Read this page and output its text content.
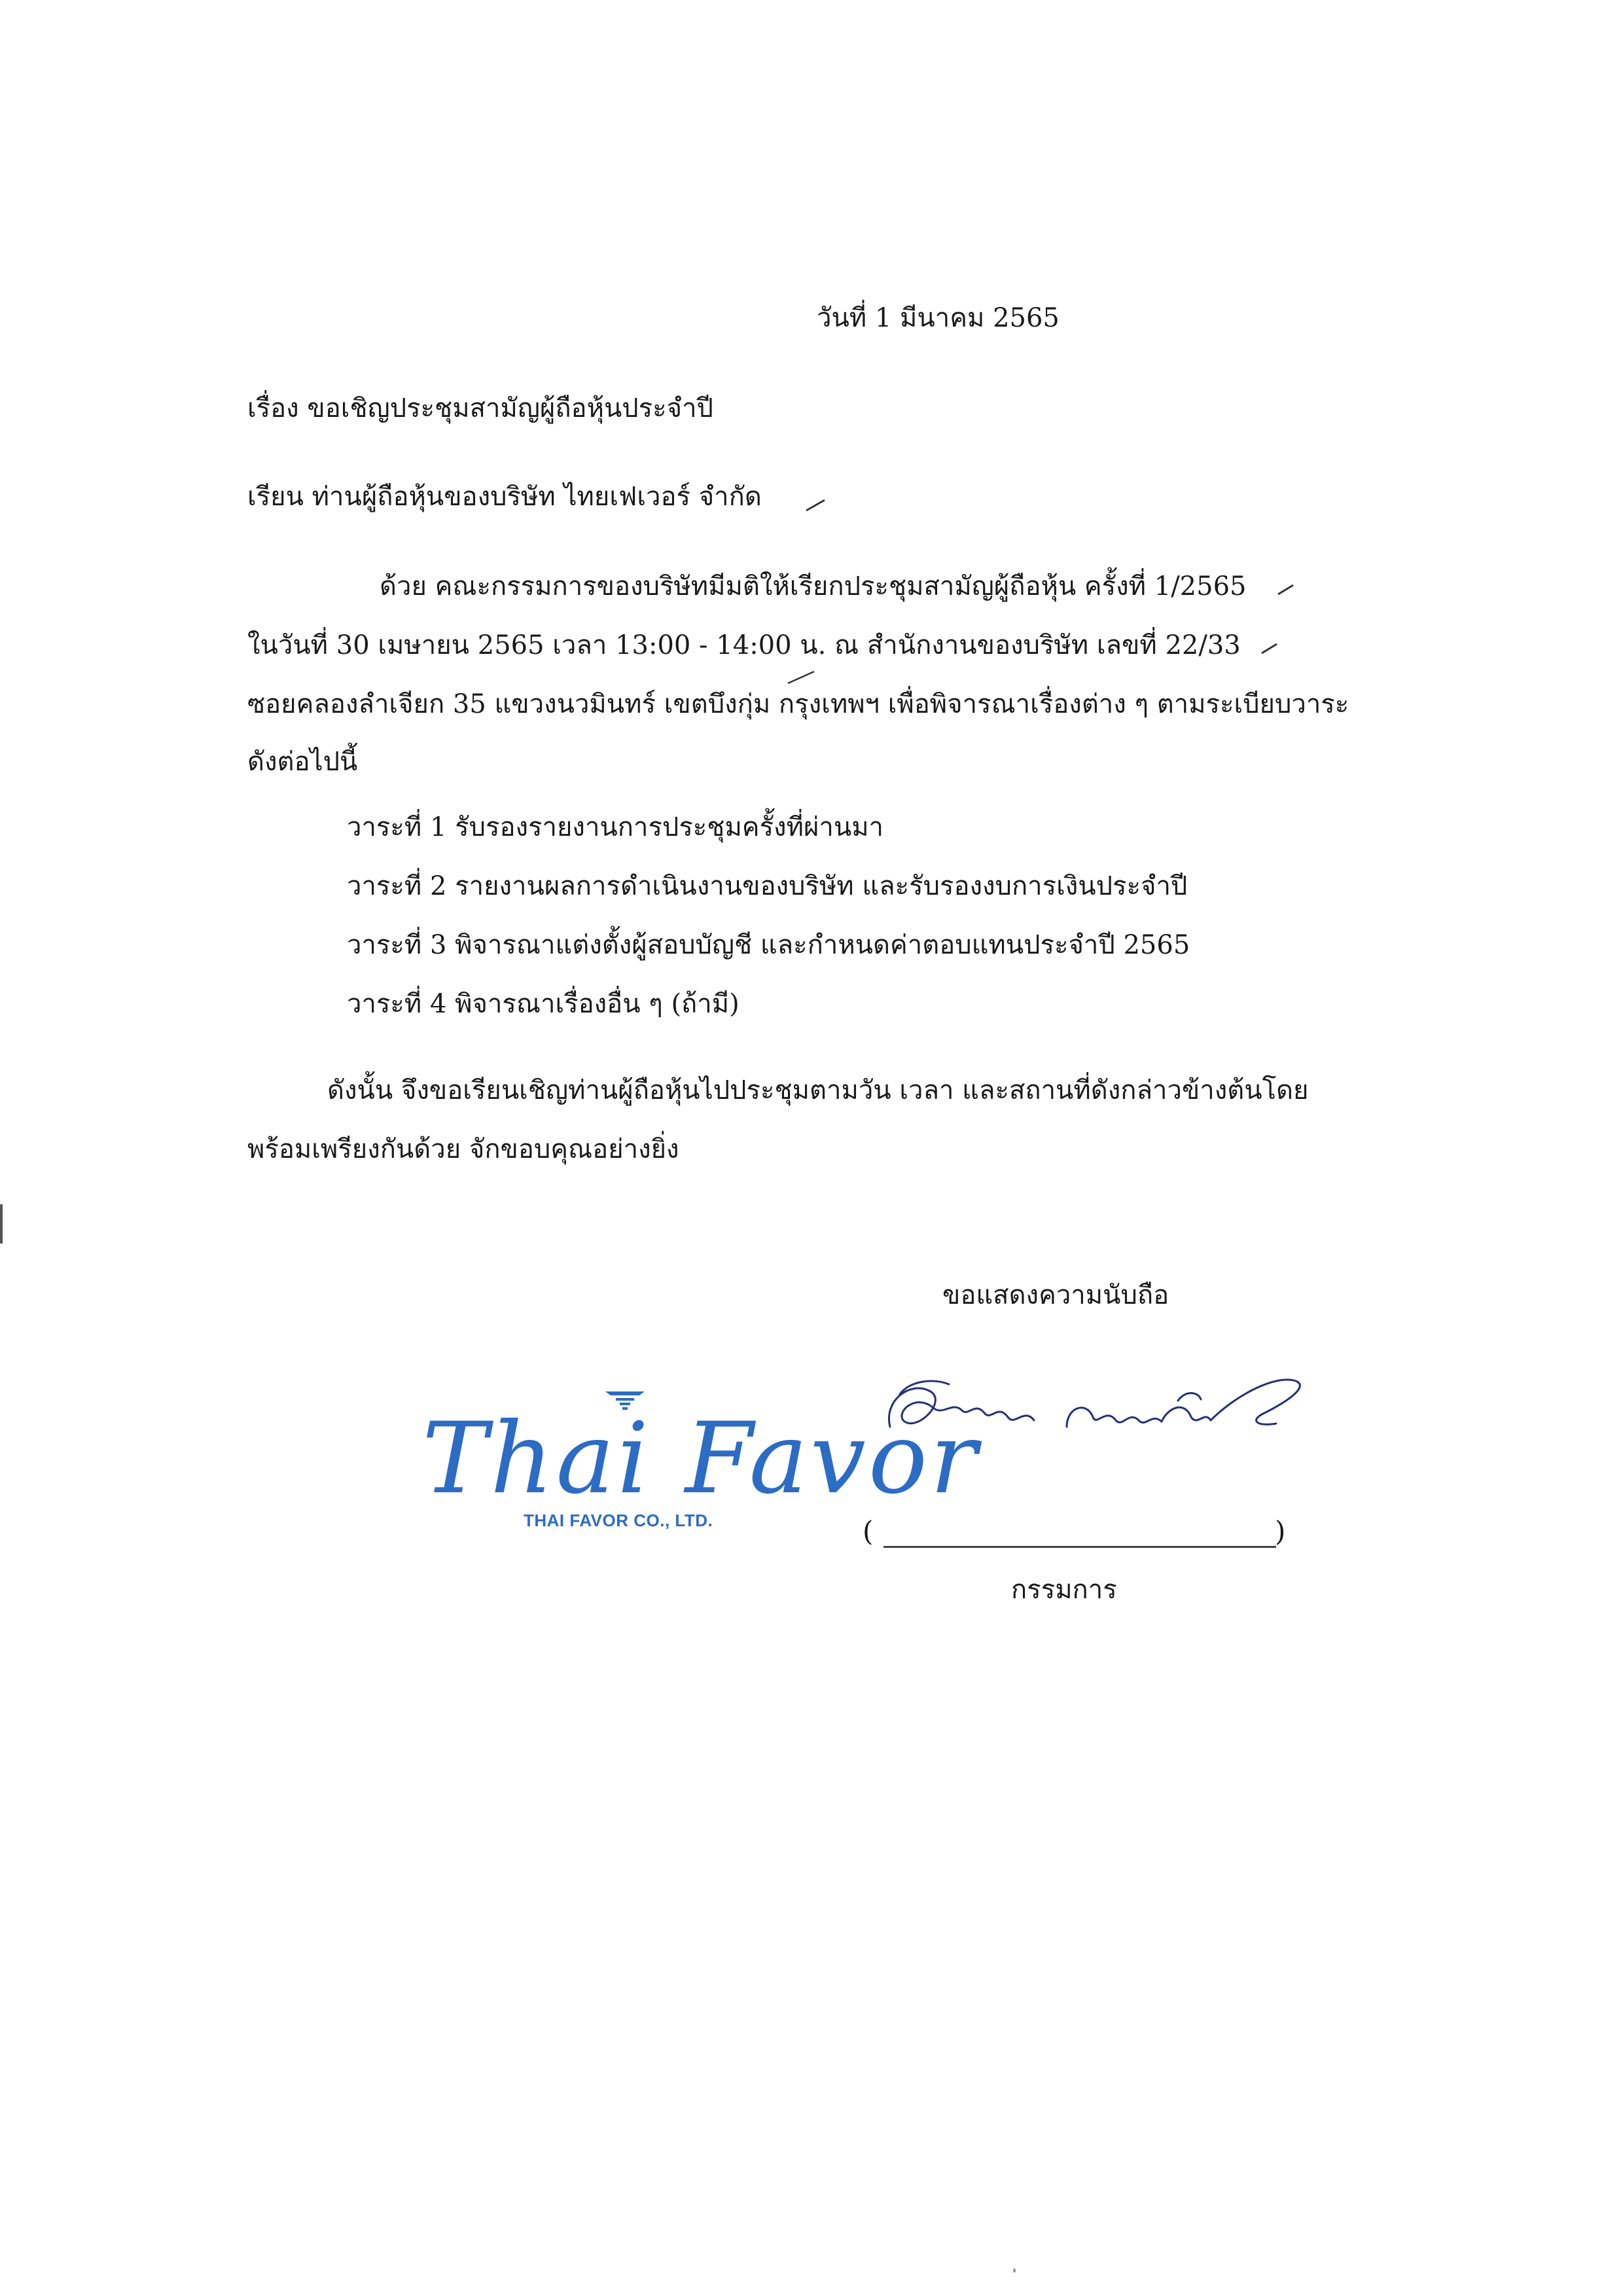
วันที่ 1 มีนาคม 2565
เรื่อง ขอเชิญประชุมสามัญผู้ถือหุ้นประจำปี
เรียน ท่านผู้ถือหุ้นของบริษัท ไทยเฟเวอร์ จำกัด
ด้วย คณะกรรมการของบริษัทมีมติให้เรียกประชุมสามัญผู้ถือหุ้น ครั้งที่ 1/2565
ในวันที่ 30 เมษายน 2565 เวลา 13:00 - 14:00 น. ณ สำนักงานของบริษัท เลขที่ 22/33
ซอยคลองลำเจียก 35 แขวงนวมินทร์ เขตบึงกุ่ม กรุงเทพฯ เพื่อพิจารณาเรื่องต่าง ๆ ตามระเบียบวาระ
ดังต่อไปนี้
วาระที่ 1 รับรองรายงานการประชุมครั้งที่ผ่านมา
วาระที่ 2 รายงานผลการดำเนินงานของบริษัท และรับรองงบการเงินประจำปี
วาระที่ 3 พิจารณาแต่งตั้งผู้สอบบัญชี และกำหนดค่าตอบแทนประจำปี 2565
วาระที่ 4 พิจารณาเรื่องอื่น ๆ (ถ้ามี)
ดังนั้น จึงขอเรียนเชิญท่านผู้ถือหุ้นไปประชุมตามวัน เวลา และสถานที่ดังกล่าวข้างต้นโดย
พร้อมเพรียงกันด้วย จักขอบคุณอย่างยิ่ง
ขอแสดงความนับถือ
Thai Favor
THAI FAVOR CO., LTD.	(	)
กรรมการ
